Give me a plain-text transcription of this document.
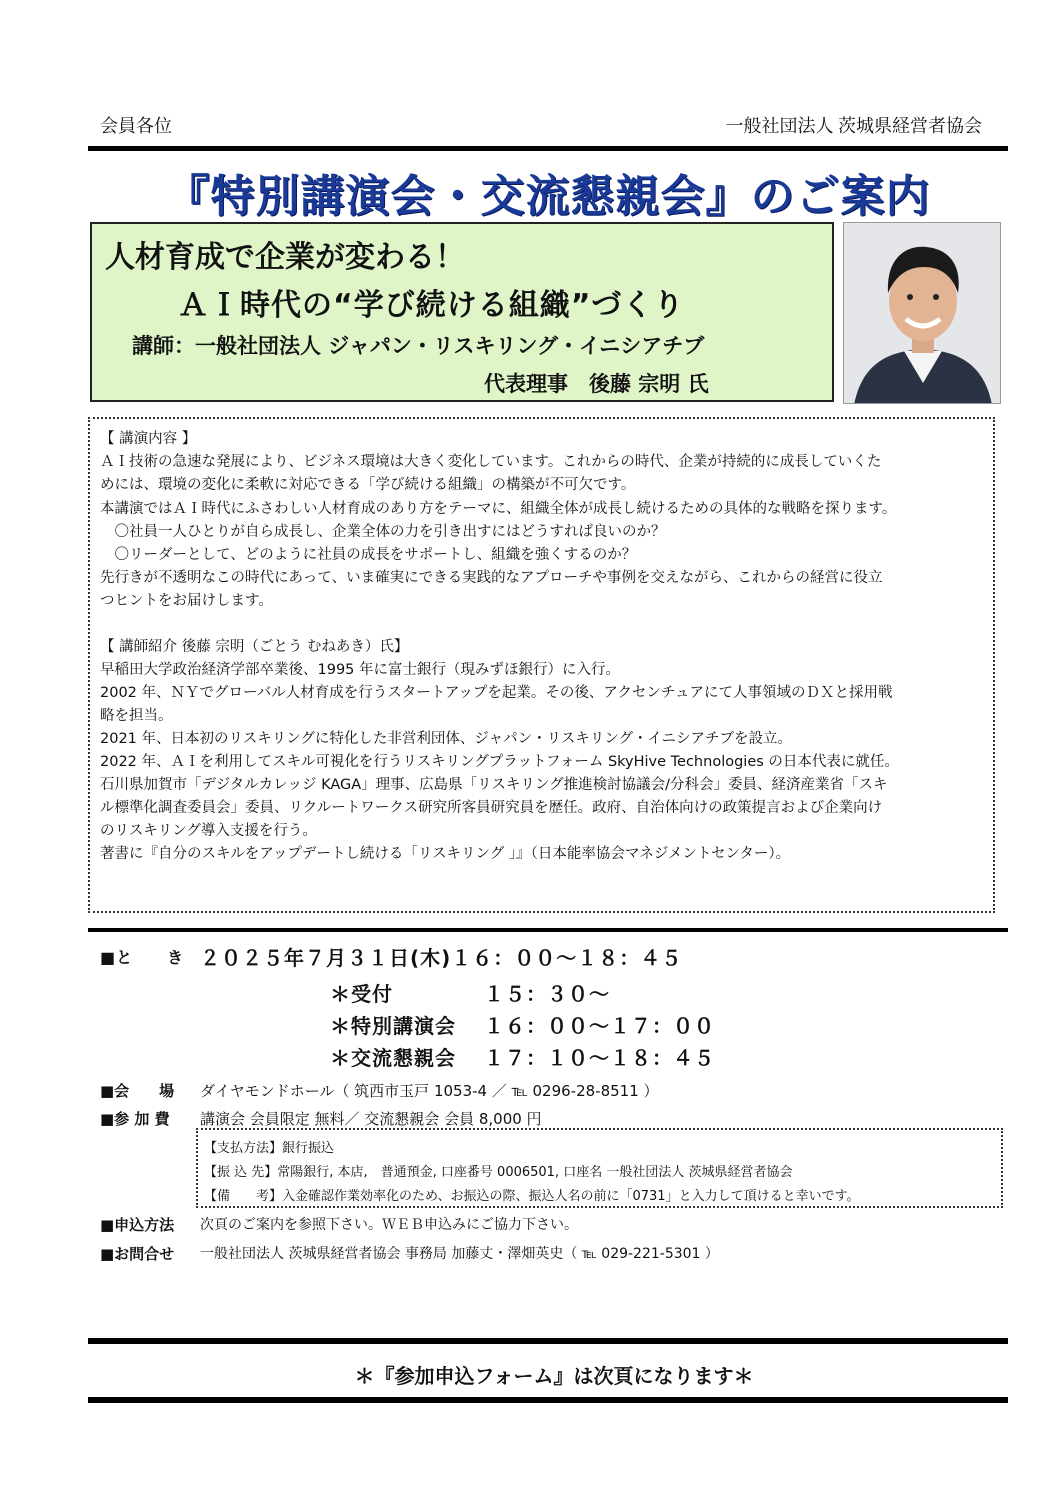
会員各位	一般社団法人 茨城県経営者協会
『特別講演会・交流懇親会』のご案内
人材育成で企業が変わる！
ＡＩ時代の“学び続ける組織”づくり
講師：一般社団法人 ジャパン・リスキリング・イニシアチブ
代表理事　後藤 宗明 氏
【 講演内容 】
ＡＩ技術の急速な発展により、ビジネス環境は大きく変化しています。これからの時代、企業が持続的に成長していくた
めには、環境の変化に柔軟に対応できる「学び続ける組織」の構築が不可欠です。
本講演ではＡＩ時代にふさわしい人材育成のあり方をテーマに、組織全体が成長し続けるための具体的な戦略を探ります。
　〇社員一人ひとりが自ら成長し、企業全体の力を引き出すにはどうすれば良いのか？
　〇リーダーとして、どのように社員の成長をサポートし、組織を強くするのか？
先行きが不透明なこの時代にあって、いま確実にできる実践的なアプローチや事例を交えながら、これからの経営に役立
つヒントをお届けします。
【 講師紹介 後藤 宗明（ごとう むねあき）氏】
早稲田大学政治経済学部卒業後、1995 年に富士銀行（現みずほ銀行）に入行。
2002 年、ＮＹでグローバル人材育成を行うスタートアップを起業。その後、アクセンチュアにて人事領域のＤＸと採用戦
略を担当。
2021 年、日本初のリスキリングに特化した非営利団体、ジャパン・リスキリング・イニシアチブを設立。
2022 年、ＡＩを利用してスキル可視化を行うリスキリングプラットフォーム SkyHive Technologies の日本代表に就任。
石川県加賀市「デジタルカレッジ KAGA」理事、広島県「リスキリング推進検討協議会/分科会」委員、経済産業省「スキ
ル標準化調査委員会」委員、リクルートワークス研究所客員研究員を歴任。政府、自治体向けの政策提言および企業向け
のリスキリング導入支援を行う。
著書に『自分のスキルをアップデートし続ける「リスキリング 」』（日本能率協会マネジメントセンター）。
■と　　き ２０２５年７月３１日(木)１６：００～１８：４５
＊受付	１５：３０～
＊特別講演会 １６：００～１７：００
＊交流懇親会 １７：１０～１８：４５
■会　　場 ダイヤモンドホール（ 筑西市玉戸 1053-4 ／ ℡ 0296-28-8511 ）
■参 加 費 講演会 会員限定 無料／ 交流懇親会 会員 8,000 円
【支払方法】銀行振込
【振 込 先】常陽銀行, 本店,　普通預金, 口座番号 0006501, 口座名 一般社団法人 茨城県経営者協会
【備　　考】入金確認作業効率化のため、お振込の際、振込人名の前に「0731」と入力して頂けると幸いです。
■申込方法 次頁のご案内を参照下さい。ＷＥＢ申込みにご協力下さい。
■お問合せ 一般社団法人 茨城県経営者協会 事務局 加藤丈・澤畑英史（ ℡ 029-221-5301 ）
＊『参加申込フォーム』は次頁になります＊
